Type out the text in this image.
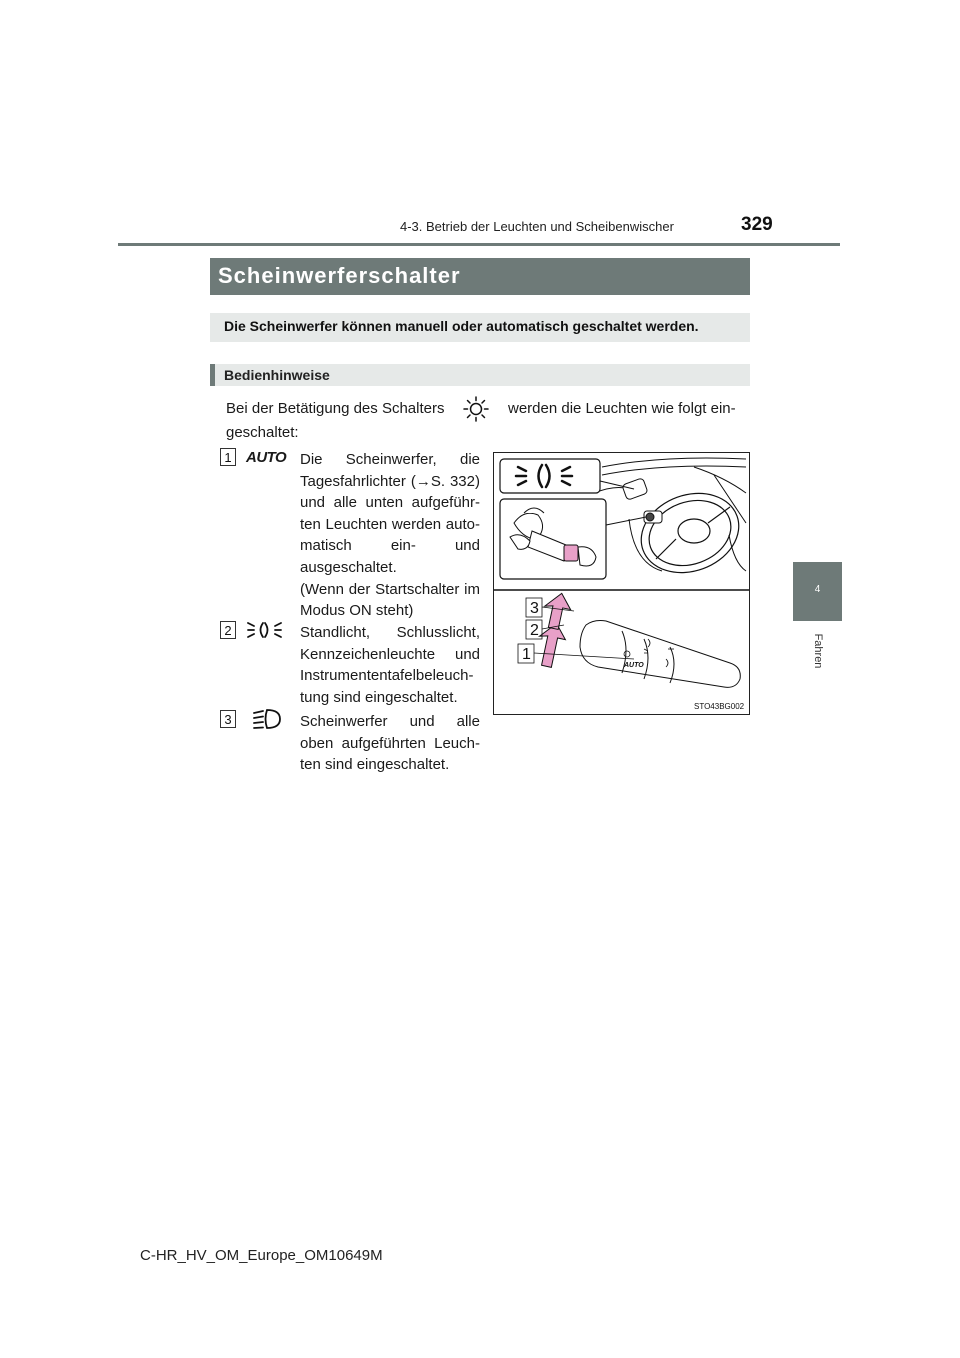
4-3. Betrieb der Leuchten und Scheibenwischer	329
4
Fahren
Scheinwerferschalter
Die Scheinwerfer können manuell oder automatisch geschaltet werden.
Bedienhinweise
Bei der Betätigung des Schalters	werden die Leuchten wie folgt ein-
geschaltet:
1 AUTO Die Scheinwerfer, die
Tagesfahrlichter (→S. 332)
und alle unten aufgeführ-
ten Leuchten werden auto-
matisch ein- und
ausgeschaltet.
(Wenn der Startschalter im
Modus ON steht)
2	Standlicht, Schlusslicht,
Kennzeichenleuchte und
Instrumententafelbeleuch-
tung sind eingeschaltet.
3	Scheinwerfer und alle
oben aufgeführten Leuch-
ten sind eingeschaltet.
AUTO
3
2
1
STO43BG002
C-HR_HV_OM_Europe_OM10649M
